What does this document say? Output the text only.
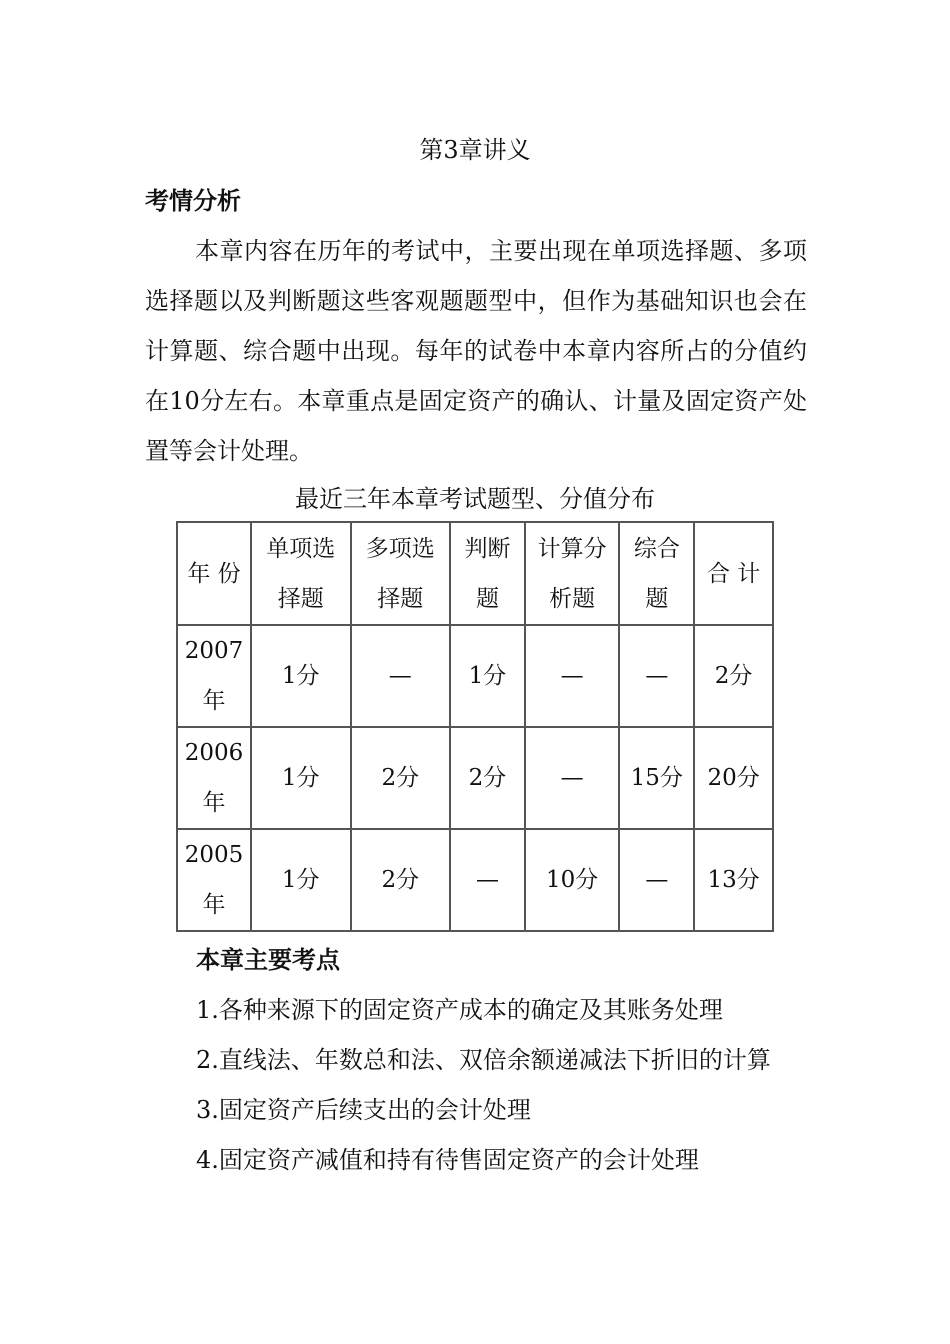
第3章讲义
考情分析

本章内容在历年的考试中，主要出现在单项选择题、多项选择题以及判断题这些客观题题型中，但作为基础知识也会在计算题、综合题中出现。每年的试卷中本章内容所占的分值约在10分左右。本章重点是固定资产的确认、计量及固定资产处置等会计处理。

最近三年本章考试题型、分值分布
年 份	单项选择题	多项选择题	判断题	计算分析题	综合题	合 计
2007年	1分	—	1分	—	—	2分
2006年	1分	2分	2分	—	15分	20分
2005年	1分	2分	—	10分	—	13分
本章主要考点
1.各种来源下的固定资产成本的确定及其账务处理
2.直线法、年数总和法、双倍余额递减法下折旧的计算
3.固定资产后续支出的会计处理
4.固定资产减值和持有待售固定资产的会计处理
